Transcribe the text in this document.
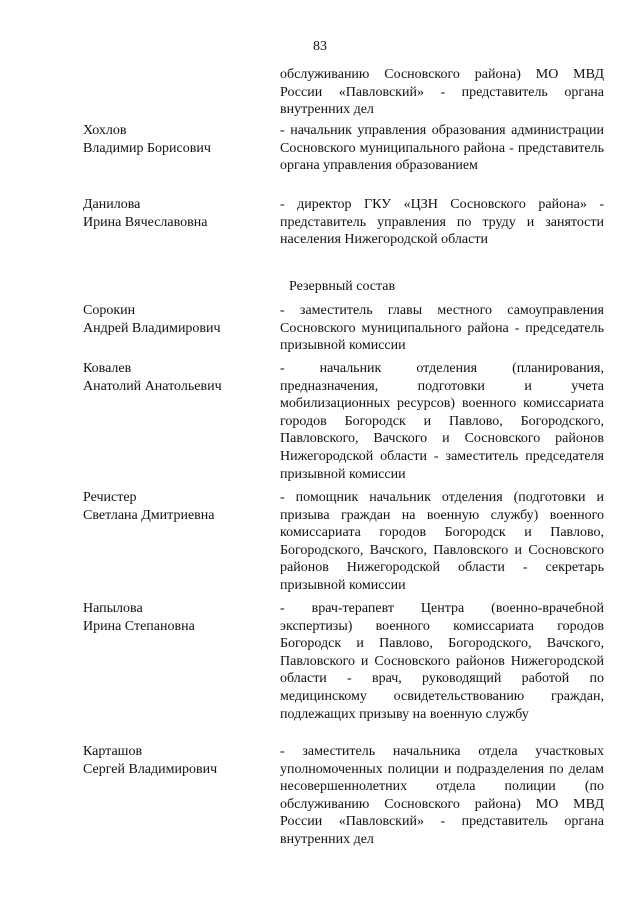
83
обслуживанию Сосновского района) МО МВД России «Павловский» - представитель органа внутренних дел
Хохлов
Владимир Борисович
- начальник управления образования администрации Сосновского муниципального района - представитель органа управления образованием
Данилова
Ирина Вячеславовна
- директор ГКУ «ЦЗН Сосновского района» - представитель управления по труду и занятости населения Нижегородской области
Резервный состав
Сорокин
Андрей Владимирович
- заместитель главы местного самоуправления Сосновского муниципального района - председатель призывной комиссии
Ковалев
Анатолий Анатольевич
- начальник отделения (планирования, предназначения, подготовки и учета мобилизационных ресурсов) военного комиссариата городов Богородск и Павлово, Богородского, Павловского, Вачского и Сосновского районов Нижегородской области - заместитель председателя призывной комиссии
Речистер
Светлана Дмитриевна
- помощник начальник отделения (подготовки и призыва граждан на военную службу) военного комиссариата городов Богородск и Павлово, Богородского, Вачского, Павловского и Сосновского районов Нижегородской области - секретарь призывной комиссии
Напылова
Ирина Степановна
- врач-терапевт Центра (военно-врачебной экспертизы) военного комиссариата городов Богородск и Павлово, Богородского, Вачского, Павловского и Сосновского районов Нижегородской области - врач, руководящий работой по медицинскому освидетельствованию граждан, подлежащих призыву на военную службу
Карташов
Сергей Владимирович
- заместитель начальника отдела участковых уполномоченных полиции и подразделения по делам несовершеннолетних отдела полиции (по обслуживанию Сосновского района) МО МВД России «Павловский» - представитель органа внутренних дел
